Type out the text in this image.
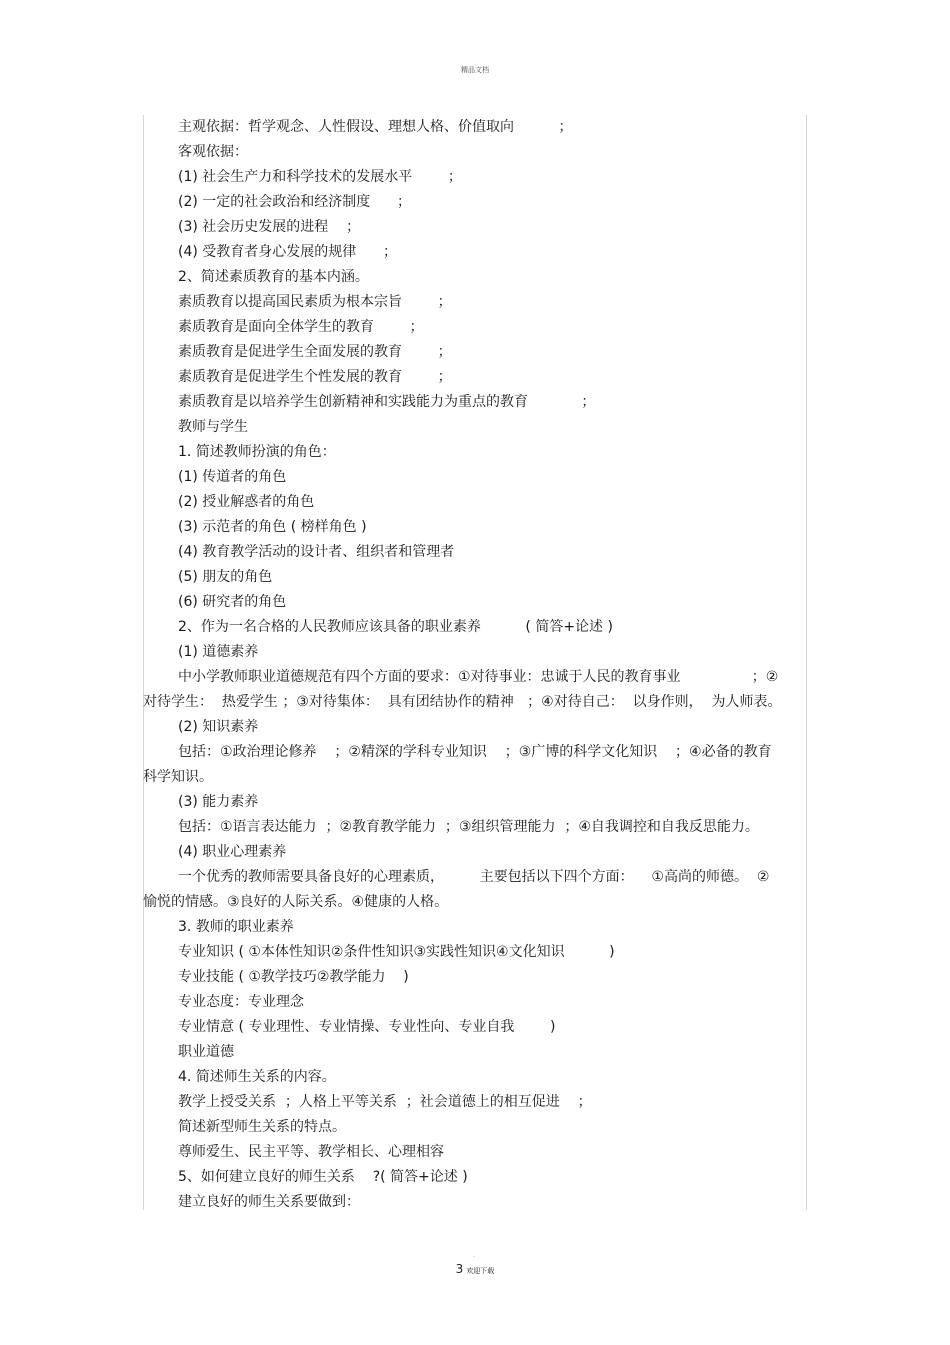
精品文档

主观依据：哲学观念、人性假设、理想人格、价值取向          ；

客观依据：

(1) 社会生产力和科学技术的发展水平        ；

(2) 一定的社会政治和经济制度      ；

(3) 社会历史发展的进程    ；

(4) 受教育者身心发展的规律      ；

2、简述素质教育的基本内涵。

素质教育以提高国民素质为根本宗旨        ；

素质教育是面向全体学生的教育        ；

素质教育是促进学生全面发展的教育        ；

素质教育是促进学生个性发展的教育        ；

素质教育是以培养学生创新精神和实践能力为重点的教育            ；

教师与学生

1. 简述教师扮演的角色：

(1) 传道者的角色

(2) 授业解惑者的角色

(3) 示范者的角色 ( 榜样角色 )

(4) 教育教学活动的设计者、组织者和管理者

(5) 朋友的角色

(6) 研究者的角色

2、作为一名合格的人民教师应该具备的职业素养          ( 简答+论述 )

(1) 道德素养

中小学教师职业道德规范有四个方面的要求：①对待事业：忠诚于人民的教育事业                ；②

对待学生：  热爱学生 ；③对待集体：  具有团结协作的精神   ；④对待自己：  以身作则，  为人师表。

(2) 知识素养

包括：①政治理论修养    ；②精深的学科专业知识    ；③广博的科学文化知识    ；④必备的教育

科学知识。

(3) 能力素养

包括：①语言表达能力  ；②教育教学能力  ；③组织管理能力  ；④自我调控和自我反思能力。

(4) 职业心理素养

一个优秀的教师需要具备良好的心理素质，        主要包括以下四个方面：    ①高尚的师德。  ②

愉悦的情感。③良好的人际关系。④健康的人格。

3. 教师的职业素养

专业知识 ( ①本体性知识②条件性知识③实践性知识④文化知识          )

专业技能 ( ①教学技巧②教学能力    )

专业态度：专业理念

专业情意 ( 专业理性、专业情操、专业性向、专业自我        )

职业道德

4. 简述师生关系的内容。

教学上授受关系  ；人格上平等关系  ；社会道德上的相互促进    ；

简述新型师生关系的特点。

尊师爱生、民主平等、教学相长、心理相容

5、如何建立良好的师生关系    ?( 简答+论述 )

建立良好的师生关系要做到：

.
3 欢迎下载
